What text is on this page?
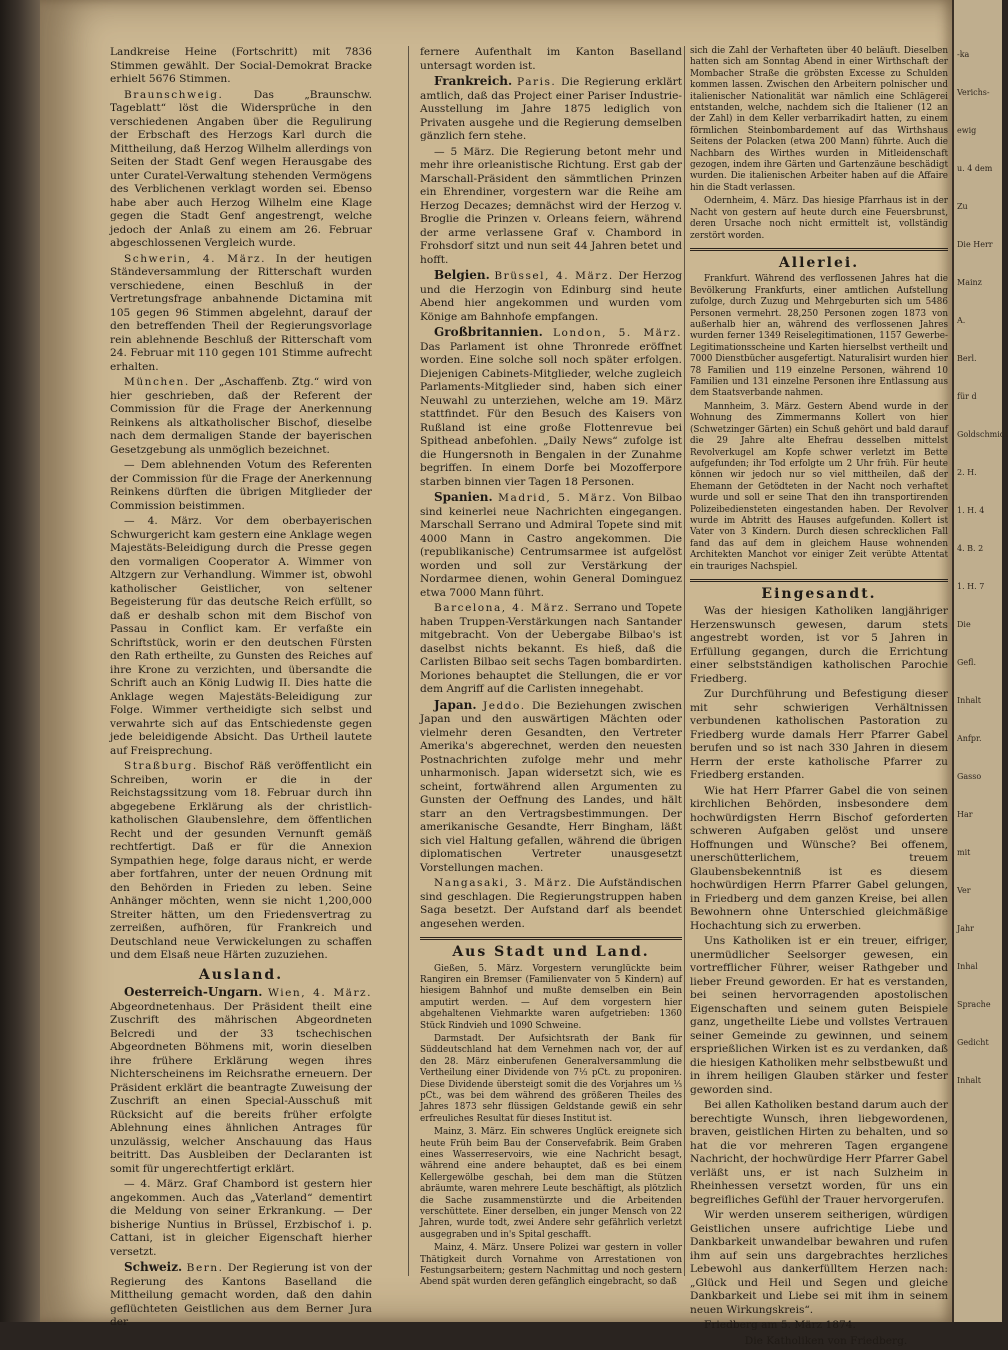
Landkreise Heine (Fortschritt) mit 7836 Stimmen gewählt. Der Social-Demokrat Bracke erhielt 5676 Stimmen.

Braunschweig.	Das „Braunschw. Tageblatt“ löst die Widersprüche in den verschiedenen Angaben über die Regulirung der Erbschaft des Herzogs Karl durch die Mittheilung, daß Herzog Wilhelm allerdings von Seiten der Stadt Genf wegen Herausgabe des unter Curatel-Verwaltung stehenden Vermögens des Verblichenen verklagt worden sei. Ebenso habe aber auch Herzog Wilhelm eine Klage gegen die Stadt Genf angestrengt, welche jedoch der Anlaß zu einem am 26. Februar abgeschlossenen Vergleich wurde.

Schwerin, 4. März. In der heutigen Ständeversammlung der Ritterschaft wurden verschiedene, einen Beschluß in der Vertretungsfrage anbahnende Dictamina mit 105 gegen 96 Stimmen abgelehnt, darauf der den betreffenden Theil der Regierungsvorlage rein ablehnende Beschluß der Ritterschaft vom 24. Februar mit 110 gegen 101 Stimme aufrecht erhalten.

München. Der „Aschaffenb. Ztg.“ wird von hier geschrieben, daß der Referent der Commission für die Frage der Anerkennung Reinkens als altkatholischer Bischof, dieselbe nach dem dermaligen Stande der bayerischen Gesetzgebung als unmöglich bezeichnet.

— Dem ablehnenden Votum des Referenten der Commission für die Frage der Anerkennung Reinkens dürften die übrigen Mitglieder der Commission beistimmen.

— 4. März. Vor dem oberbayerischen Schwurgericht kam gestern eine Anklage wegen Majestäts-Beleidigung durch die Presse gegen den vormaligen Cooperator A. Wimmer von Altzgern zur Verhandlung. Wimmer ist, obwohl katholischer Geistlicher, von seltener Begeisterung für das deutsche Reich erfüllt, so daß er deshalb schon mit dem Bischof von Passau in Conflict kam. Er verfaßte ein Schriftstück, worin er den deutschen Fürsten den Rath ertheilte, zu Gunsten des Reiches auf ihre Krone zu verzichten, und übersandte die Schrift auch an König Ludwig II. Dies hatte die Anklage wegen Majestäts-Beleidigung zur Folge. Wimmer vertheidigte sich selbst und verwahrte sich auf das Entschiedenste gegen jede beleidigende Absicht. Das Urtheil lautete auf Freisprechung.

Straßburg. Bischof Räß veröffentlicht ein Schreiben, worin er die in der Reichstagssitzung vom 18. Februar durch ihn abgegebene Erklärung als der christlich-katholischen Glaubenslehre, dem öffentlichen Recht und der gesunden Vernunft gemäß rechtfertigt. Daß er für die Annexion Sympathien hege, folge daraus nicht, er werde aber fortfahren, unter der neuen Ordnung mit den Behörden in Frieden zu leben. Seine Anhänger möchten, wenn sie nicht 1,200,000 Streiter hätten, um den Friedensvertrag zu zerreißen, aufhören, für Frankreich und Deutschland neue Verwickelungen zu schaffen und dem Elsaß neue Härten zuzuziehen.

Ausland.

Oesterreich-Ungarn. Wien, 4. März. Abgeordnetenhaus. Der Präsident theilt eine Zuschrift des mährischen Abgeordneten Belcredi und der 33 tschechischen Abgeordneten Böhmens mit, worin dieselben ihre frühere Erklärung wegen ihres Nichterscheinens im Reichsrathe erneuern. Der Präsident erklärt die beantragte Zuweisung der Zuschrift an einen Special-Ausschuß mit Rücksicht auf die bereits früher erfolgte Ablehnung eines ähnlichen Antrages für unzulässig, welcher Anschauung das Haus beitritt. Das Ausbleiben der Declaranten ist somit für ungerechtfertigt erklärt.

— 4. März. Graf Chambord ist gestern hier angekommen. Auch das „Vaterland“ dementirt die Meldung von seiner Erkrankung. — Der bisherige Nuntius in Brüssel, Erzbischof i. p. Cattani, ist in gleicher Eigenschaft hierher versetzt.

Schweiz. Bern. Der Regierung ist von der Regierung des Kantons Baselland die Mittheilung gemacht worden, daß den dahin geflüchteten Geistlichen aus dem Berner Jura der

fernere Aufenthalt im Kanton Baselland untersagt worden ist.

Frankreich. Paris. Die Regierung erklärt amtlich, daß das Project einer Pariser Industrie-Ausstellung im Jahre 1875 lediglich von Privaten ausgehe und die Regierung demselben gänzlich fern stehe.

— 5 März. Die Regierung betont mehr und mehr ihre orleanistische Richtung. Erst gab der Marschall-Präsident den sämmtlichen Prinzen ein Ehrendiner, vorgestern war die Reihe am Herzog Decazes; demnächst wird der Herzog v. Broglie die Prinzen v. Orleans feiern, während der arme verlassene Graf v. Chambord in Frohsdorf sitzt und nun seit 44 Jahren betet und hofft.

Belgien. Brüssel, 4. März. Der Herzog und die Herzogin von Edinburg sind heute Abend hier angekommen und wurden vom Könige am Bahnhofe empfangen.

Großbritannien. London, 5. März. Das Parlament ist ohne Thronrede eröffnet worden. Eine solche soll noch später erfolgen. Diejenigen Cabinets-Mitglieder, welche zugleich Parlaments-Mitglieder sind, haben sich einer Neuwahl zu unterziehen, welche am 19. März stattfindet. Für den Besuch des Kaisers von Rußland ist eine große Flottenrevue bei Spithead anbefohlen. „Daily News“ zufolge ist die Hungersnoth in Bengalen in der Zunahme begriffen. In einem Dorfe bei Mozofferpore starben binnen vier Tagen 18 Personen.

Spanien. Madrid, 5. März. Von Bilbao sind keinerlei neue Nachrichten eingegangen. Marschall Serrano und Admiral Topete sind mit 4000 Mann in Castro angekommen. Die (republikanische) Centrumsarmee ist aufgelöst worden und soll zur Verstärkung der Nordarmee dienen, wohin General Dominguez etwa 7000 Mann führt.

Barcelona, 4. März. Serrano und Topete haben Truppen-Verstärkungen nach Santander mitgebracht. Von der Uebergabe Bilbao's ist daselbst nichts bekannt. Es hieß, daß die Carlisten Bilbao seit sechs Tagen bombardirten. Moriones behauptet die Stellungen, die er vor dem Angriff auf die Carlisten innegehabt.

Japan. Jeddo. Die Beziehungen zwischen Japan und den auswärtigen Mächten oder vielmehr deren Gesandten, den Vertreter Amerika's abgerechnet, werden den neuesten Postnachrichten zufolge mehr und mehr unharmonisch. Japan widersetzt sich, wie es scheint, fortwährend allen Argumenten zu Gunsten der Oeffnung des Landes, und hält starr an den Vertragsbestimmungen. Der amerikanische Gesandte, Herr Bingham, läßt sich viel Haltung gefallen, während die übrigen diplomatischen Vertreter unausgesetzt Vorstellungen machen.

Nangasaki, 3. März. Die Aufständischen sind geschlagen. Die Regierungstruppen haben Saga besetzt. Der Aufstand darf als beendet angesehen werden.

Aus Stadt und Land.

Gießen, 5. März. Vorgestern verunglückte beim Rangiren ein Bremser (Familienvater von 5 Kindern) auf hiesigem Bahnhof und mußte demselben ein Bein amputirt werden. — Auf dem vorgestern hier abgehaltenen Viehmarkte waren aufgetrieben: 1360 Stück Rindvieh und 1090 Schweine.

Darmstadt. Der Aufsichtsrath der Bank für Süddeutschland hat dem Vernehmen nach vor, der auf den 28. März einberufenen Generalversammlung die Vertheilung einer Dividende von 7⅓ pCt. zu proponiren. Diese Dividende übersteigt somit die des Vorjahres um ⅓ pCt., was bei dem während des größeren Theiles des Jahres 1873 sehr flüssigen Geldstande gewiß ein sehr erfreuliches Resultat für dieses Institut ist.

Mainz, 3. März. Ein schweres Unglück ereignete sich heute Früh beim Bau der Conservefabrik. Beim Graben eines Wasserreservoirs, wie eine Nachricht besagt, während eine andere behauptet, daß es bei einem Kellergewölbe geschah, bei dem man die Stützen abräumte, waren mehrere Leute beschäftigt, als plötzlich die Sache zusammenstürzte und die Arbeitenden verschüttete. Einer derselben, ein junger Mensch von 22 Jahren, wurde todt, zwei Andere sehr gefährlich verletzt ausgegraben und in's Spital geschafft.

Mainz, 4. März. Unsere Polizei war gestern in voller Thätigkeit durch Vornahme von Arrestationen von Festungsarbeitern; gestern Nachmittag und noch gestern Abend spät wurden deren gefänglich eingebracht, so daß

sich die Zahl der Verhafteten über 40 beläuft. Dieselben hatten sich am Sonntag Abend in einer Wirthschaft der Mombacher Straße die gröbsten Excesse zu Schulden kommen lassen. Zwischen den Arbeitern polnischer und italienischer Nationalität war nämlich eine Schlägerei entstanden, welche, nachdem sich die Italiener (12 an der Zahl) in dem Keller verbarrikadirt hatten, zu einem förmlichen Steinbombardement auf das Wirthshaus Seitens der Polacken (etwa 200 Mann) führte. Auch die Nachbarn des Wirthes wurden in Mitleidenschaft gezogen, indem ihre Gärten und Gartenzäune beschädigt wurden. Die italienischen Arbeiter haben auf die Affaire hin die Stadt verlassen.

Odernheim, 4. März. Das hiesige Pfarrhaus ist in der Nacht von gestern auf heute durch eine Feuersbrunst, deren Ursache noch nicht ermittelt ist, vollständig zerstört worden.

Allerlei.

Frankfurt. Während des verflossenen Jahres hat die Bevölkerung Frankfurts, einer amtlichen Aufstellung zufolge, durch Zuzug und Mehrgeburten sich um 5486 Personen vermehrt. 28,250 Personen zogen 1873 von außerhalb hier an, während des verflossenen Jahres wurden ferner 1349 Reiselegitimationen, 1157 Gewerbe-Legitimationsscheine und Karten hierselbst vertheilt und 7000 Dienstbücher ausgefertigt. Naturalisirt wurden hier 78 Familien und 119 einzelne Personen, während 10 Familien und 131 einzelne Personen ihre Entlassung aus dem Staatsverbande nahmen.

Mannheim, 3. März. Gestern Abend wurde in der Wohnung des Zimmermanns Kollert von hier (Schwetzinger Gärten) ein Schuß gehört und bald darauf die 29 Jahre alte Ehefrau desselben mittelst Revolverkugel am Kopfe schwer verletzt im Bette aufgefunden; ihr Tod erfolgte um 2 Uhr früh. Für heute können wir jedoch nur so viel mittheilen, daß der Ehemann der Getödteten in der Nacht noch verhaftet wurde und soll er seine That den ihn transportirenden Polizeibediensteten eingestanden haben. Der Revolver wurde im Abtritt des Hauses aufgefunden. Kollert ist Vater von 3 Kindern. Durch diesen schrecklichen Fall fand das auf dem in gleichem Hause wohnenden Architekten Manchot vor einiger Zeit verübte Attentat ein trauriges Nachspiel.

Eingesandt.

Was der hiesigen Katholiken langjähriger Herzenswunsch gewesen, darum stets angestrebt worden, ist vor 5 Jahren in Erfüllung gegangen, durch die Errichtung einer selbstständigen katholischen Parochie Friedberg.

Zur Durchführung und Befestigung dieser mit sehr schwierigen Verhältnissen verbundenen katholischen Pastoration zu Friedberg wurde damals Herr Pfarrer Gabel berufen und so ist nach 330 Jahren in diesem Herrn der erste katholische Pfarrer zu Friedberg erstanden.

Wie hat Herr Pfarrer Gabel die von seinen kirchlichen Behörden, insbesondere dem hochwürdigsten Herrn Bischof geforderten schweren Aufgaben gelöst und unsere Hoffnungen und Wünsche? Bei offenem, unerschütterlichem, treuem Glaubensbekenntniß ist es diesem hochwürdigen Herrn Pfarrer Gabel gelungen, in Friedberg und dem ganzen Kreise, bei allen Bewohnern ohne Unterschied gleichmäßige Hochachtung sich zu erwerben.

Uns Katholiken ist er ein treuer, eifriger, unermüdlicher Seelsorger gewesen, ein vortrefflicher Führer, weiser Rathgeber und lieber Freund geworden. Er hat es verstanden, bei seinen hervorragenden apostolischen Eigenschaften und seinem guten Beispiele ganz, ungetheilte Liebe und vollstes Vertrauen seiner Gemeinde zu gewinnen, und seinem ersprießlichen Wirken ist es zu verdanken, daß die hiesigen Katholiken mehr selbstbewußt und in ihrem heiligen Glauben stärker und fester geworden sind.

Bei allen Katholiken bestand darum auch der berechtigte Wunsch, ihren liebgewordenen, braven, geistlichen Hirten zu behalten, und so hat die vor mehreren Tagen ergangene Nachricht, der hochwürdige Herr Pfarrer Gabel verläßt uns, er ist nach Sulzheim in Rheinhessen versetzt worden, für uns ein begreifliches Gefühl der Trauer hervorgerufen.

Wir werden unserem seitherigen, würdigen Geistlichen unsere aufrichtige Liebe und Dankbarkeit unwandelbar bewahren und rufen ihm auf sein uns dargebrachtes herzliches Lebewohl aus dankerfülltem Herzen nach: „Glück und Heil und Segen und gleiche Dankbarkeit und Liebe sei mit ihm in seinem neuen Wirkungskreis“.

Friedberg am 5. März 1874.

Die Katholiken von Friedberg.

-ka
Verichs-
ewig
u. 4 dem
Zu
Die Herr
Mainz
A.
Berl.
für d
Goldschmidt
2. H.
1. H. 4
4. B. 2
1. H. 7
Die
Gefl.
Inhalt
Anfpr.
Gasso
Har
mit
Ver
Jahr
Inhal
Sprache
Gedicht
Inhalt
